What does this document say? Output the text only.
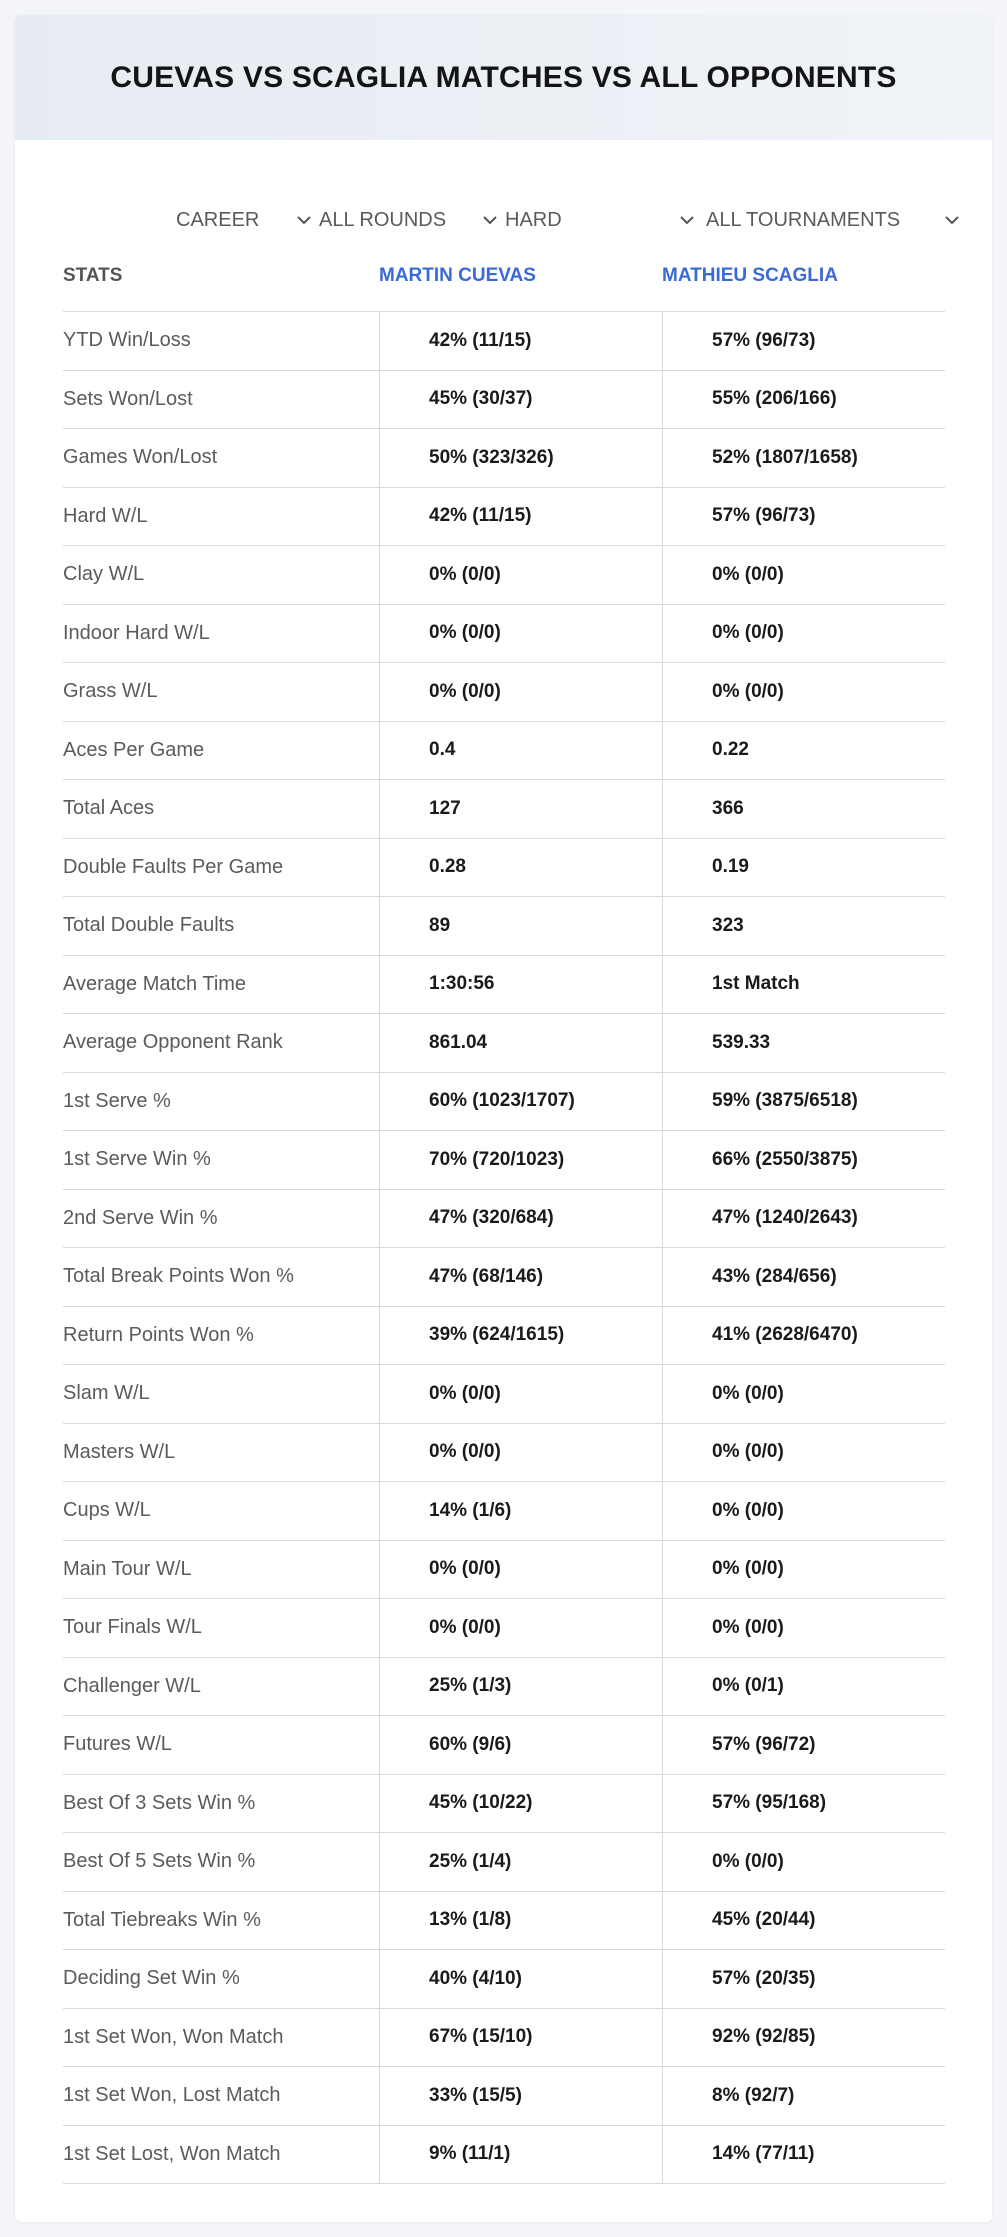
CUEVAS VS SCAGLIA MATCHES VS ALL OPPONENTS
CAREER	ALL ROUNDS	HARD	ALL TOURNAMENTS
STATS	MARTIN CUEVAS	MATHIEU SCAGLIA
YTD Win/Loss	42% (11/15)	57% (96/73)
Sets Won/Lost	45% (30/37)	55% (206/166)
Games Won/Lost	50% (323/326)	52% (1807/1658)
Hard W/L	42% (11/15)	57% (96/73)
Clay W/L	0% (0/0)	0% (0/0)
Indoor Hard W/L	0% (0/0)	0% (0/0)
Grass W/L	0% (0/0)	0% (0/0)
Aces Per Game	0.4	0.22
Total Aces	127	366
Double Faults Per Game	0.28	0.19
Total Double Faults	89	323
Average Match Time	1:30:56	1st Match
Average Opponent Rank	861.04	539.33
1st Serve %	60% (1023/1707)	59% (3875/6518)
1st Serve Win %	70% (720/1023)	66% (2550/3875)
2nd Serve Win %	47% (320/684)	47% (1240/2643)
Total Break Points Won %	47% (68/146)	43% (284/656)
Return Points Won %	39% (624/1615)	41% (2628/6470)
Slam W/L	0% (0/0)	0% (0/0)
Masters W/L	0% (0/0)	0% (0/0)
Cups W/L	14% (1/6)	0% (0/0)
Main Tour W/L	0% (0/0)	0% (0/0)
Tour Finals W/L	0% (0/0)	0% (0/0)
Challenger W/L	25% (1/3)	0% (0/1)
Futures W/L	60% (9/6)	57% (96/72)
Best Of 3 Sets Win %	45% (10/22)	57% (95/168)
Best Of 5 Sets Win %	25% (1/4)	0% (0/0)
Total Tiebreaks Win %	13% (1/8)	45% (20/44)
Deciding Set Win %	40% (4/10)	57% (20/35)
1st Set Won, Won Match	67% (15/10)	92% (92/85)
1st Set Won, Lost Match	33% (15/5)	8% (92/7)
1st Set Lost, Won Match	9% (11/1)	14% (77/11)
